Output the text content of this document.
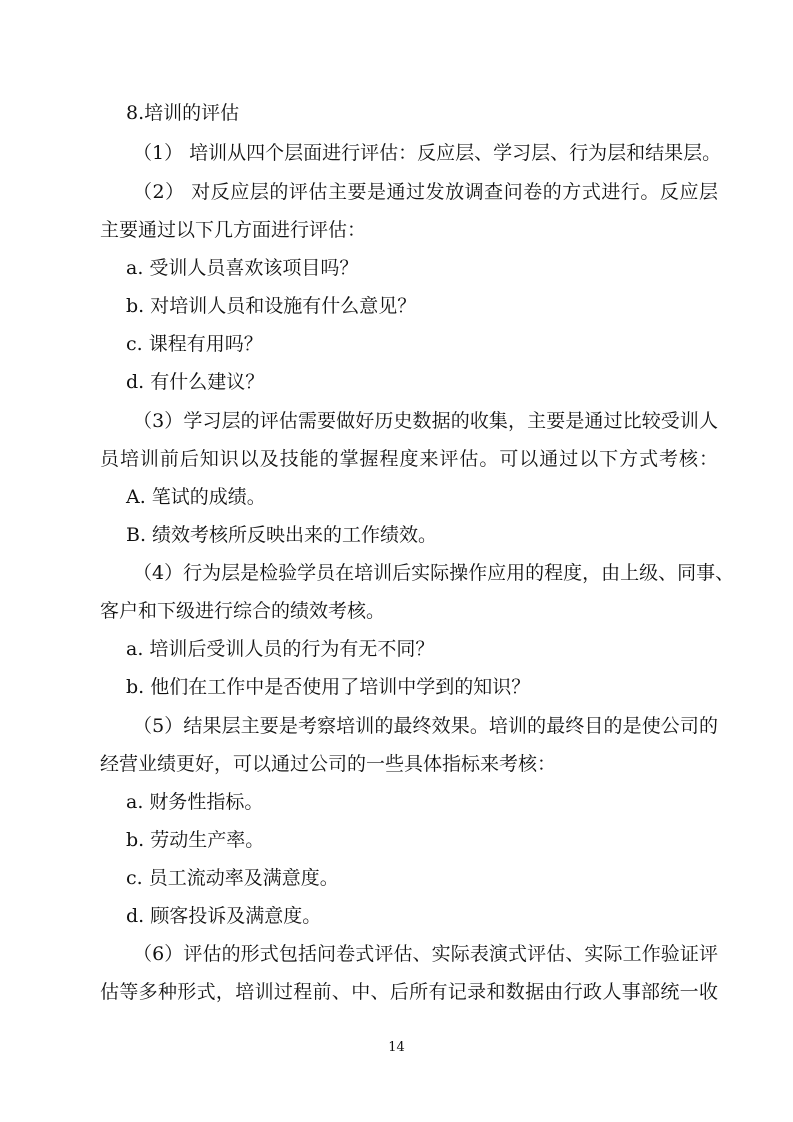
8.培训的评估
（1） 培训从四个层面进行评估：反应层、学习层、行为层和结果层。
（2） 对反应层的评估主要是通过发放调查问卷的方式进行。反应层
主要通过以下几方面进行评估：
a. 受训人员喜欢该项目吗？
b. 对培训人员和设施有什么意见？
c. 课程有用吗？
d. 有什么建议？
（3）学习层的评估需要做好历史数据的收集，主要是通过比较受训人
员培训前后知识以及技能的掌握程度来评估。可以通过以下方式考核：
A. 笔试的成绩。
B. 绩效考核所反映出来的工作绩效。
（4）行为层是检验学员在培训后实际操作应用的程度，由上级、同事、
客户和下级进行综合的绩效考核。
a. 培训后受训人员的行为有无不同？
b. 他们在工作中是否使用了培训中学到的知识？
（5）结果层主要是考察培训的最终效果。培训的最终目的是使公司的
经营业绩更好，可以通过公司的一些具体指标来考核：
a. 财务性指标。
b. 劳动生产率。
c. 员工流动率及满意度。
d. 顾客投诉及满意度。
（6）评估的形式包括问卷式评估、实际表演式评估、实际工作验证评
估等多种形式，培训过程前、中、后所有记录和数据由行政人事部统一收
14
